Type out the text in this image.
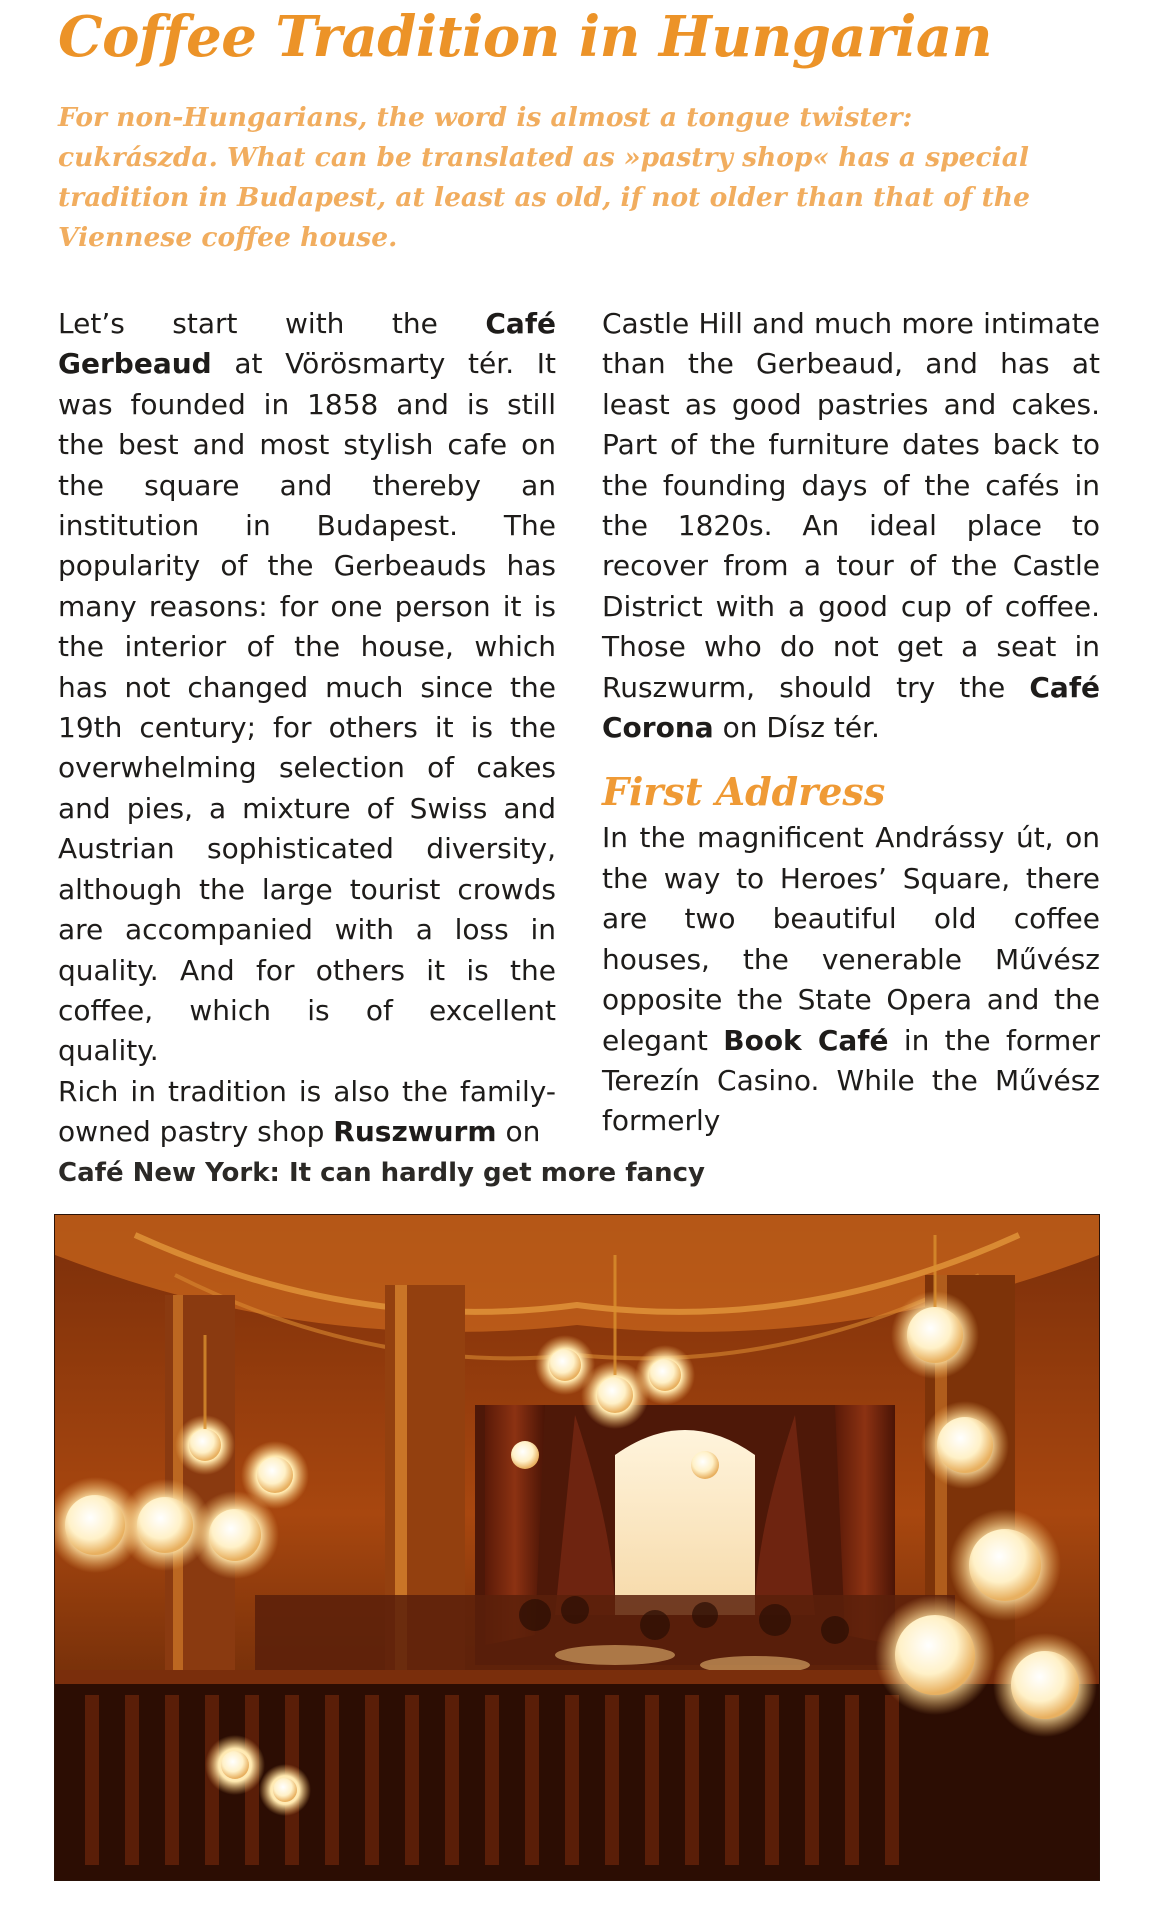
Coffee Tradition in Hungarian

For non-Hungarians, the word is almost a tongue twister: cukrászda. What can be translated as »pastry shop« has a special tradition in Budapest, at least as old, if not older than that of the Viennese coffee house.

Let’s start with the Café Gerbeaud at Vörösmarty tér. It was founded in 1858 and is still the best and most stylish cafe on the square and thereby an institution in Budapest. The popularity of the Gerbeauds has many reasons: for one person it is the interior of the house, which has not changed much since the 19th century; for others it is the overwhelming selection of cakes and pies, a mixture of Swiss and Austrian sophisticated diversity, although the large tourist crowds are accompanied with a loss in quality. And for others it is the coffee, which is of excellent quality.

Rich in tradition is also the family-owned pastry shop Ruszwurm on

Castle Hill and much more intimate than the Gerbeaud, and has at least as good pastries and cakes. Part of the furniture dates back to the founding days of the cafés in the 1820s. An ideal place to recover from a tour of the Castle District with a good cup of coffee. Those who do not get a seat in Ruszwurm, should try the Café Corona on Dísz tér.

First Address

In the magnificent Andrássy út, on the way to Heroes’ Square, there are two beautiful old coffee houses, the venerable Művész opposite the State Opera and the elegant Book Café in the former Terezín Casino. While the Művész formerly

Café New York: It can hardly get more fancy
